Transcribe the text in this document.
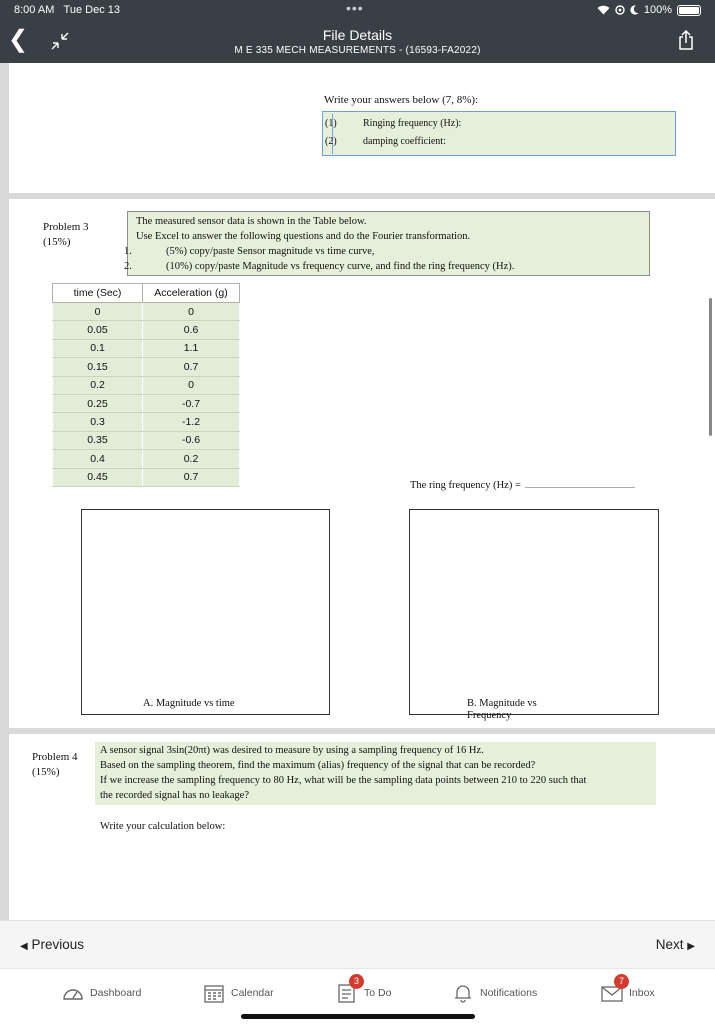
8:00 AM Tue Dec 13	•••	100%
❮	File Details
M E 335 MECH MEASUREMENTS - (16593-FA2022)
Write your answers below (7, 8%):
(1)	Ringing frequency (Hz):
(2)	damping coefficient:
Problem 3
(15%)
The measured sensor data is shown in the Table below.
Use Excel to answer the following questions and do the Fourier transformation.
1.	(5%) copy/paste Sensor magnitude vs time curve,
2.	(10%) copy/paste Magnitude vs frequency curve, and find the ring frequency (Hz).
time (Sec)	Acceleration (g)
0	0
0.05	0.6
0.1	1.1
0.15	0.7
0.2	0
0.25	-0.7
0.3	-1.2
0.35	-0.6
0.4	0.2
0.45	0.7
The ring frequency (Hz) =
A. Magnitude vs time	B. Magnitude vs Frequency
Problem 4
(15%)
A sensor signal 3sin(20πt) was desired to measure by using a sampling frequency of 16 Hz.
Based on the sampling theorem, find the maximum (alias) frequency of the signal that can be recorded?
If we increase the sampling frequency to 80 Hz, what will be the sampling data points between 210 to 220 such that
the recorded signal has no leakage?
Write your calculation below:
◀ Previous	Next ▶
Dashboard	Calendar
3
To Do	Notifications
7
Inbox
